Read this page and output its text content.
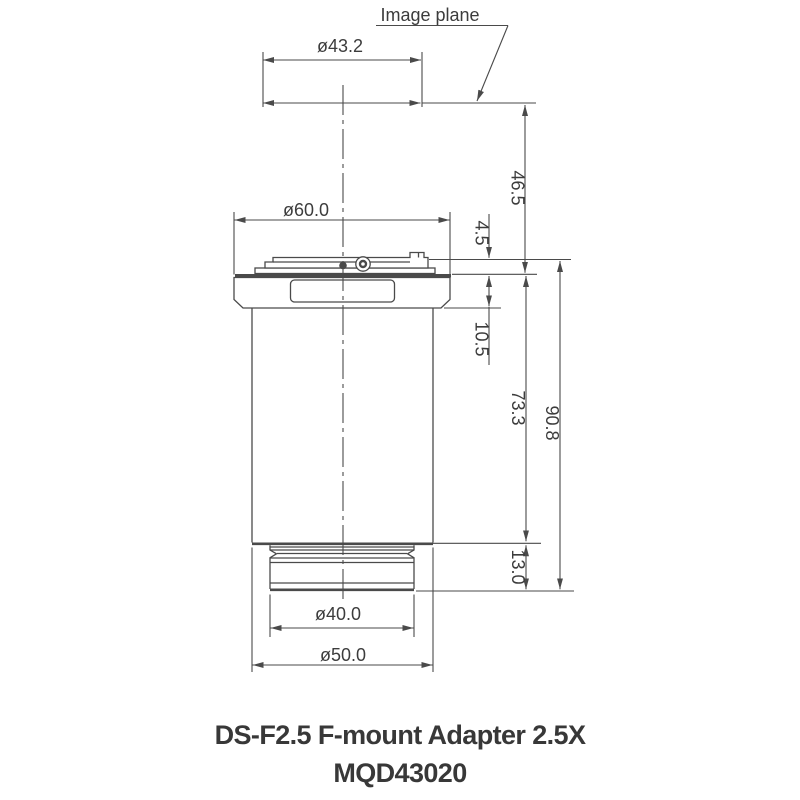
Image plane
ø43.2
ø60.0
46.5
4.5
10.5
73.3 90.8
13.0
ø40.0
ø50.0
DS-F2.5 F-mount Adapter 2.5X
MQD43020
